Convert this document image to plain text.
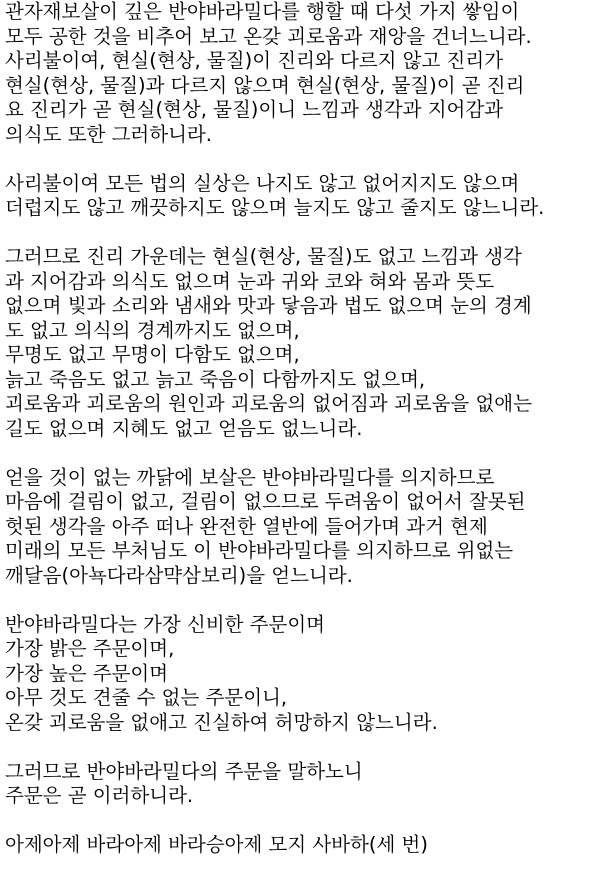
관자재보살이 깊은 반야바라밀다를 행할 때 다섯 가지 쌓임이
모두 공한 것을 비추어 보고 온갖 괴로움과 재앙을 건너느니라.
사리불이여, 현실(현상, 물질)이 진리와 다르지 않고 진리가
현실(현상, 물질)과 다르지 않으며 현실(현상, 물질)이 곧 진리
요 진리가 곧 현실(현상, 물질)이니 느낌과 생각과 지어감과
의식도 또한 그러하니라.
사리불이여 모든 법의 실상은 나지도 않고 없어지지도 않으며
더럽지도 않고 깨끗하지도 않으며 늘지도 않고 줄지도 않느니라.
그러므로 진리 가운데는 현실(현상, 물질)도 없고 느낌과 생각
과 지어감과 의식도 없으며 눈과 귀와 코와 혀와 몸과 뜻도
없으며 빛과 소리와 냄새와 맛과 닿음과 법도 없으며 눈의 경계
도 없고 의식의 경계까지도 없으며,
무명도 없고 무명이 다함도 없으며,
늙고 죽음도 없고 늙고 죽음이 다함까지도 없으며,
괴로움과 괴로움의 원인과 괴로움의 없어짐과 괴로움을 없애는
길도 없으며 지혜도 없고 얻음도 없느니라.
얻을 것이 없는 까닭에 보살은 반야바라밀다를 의지하므로
마음에 걸림이 없고, 걸림이 없으므로 두려움이 없어서 잘못된
헛된 생각을 아주 떠나 완전한 열반에 들어가며 과거 현제
미래의 모든 부처님도 이 반야바라밀다를 의지하므로 위없는
깨달음(아뇩다라삼먁삼보리)을 얻느니라.
반야바라밀다는 가장 신비한 주문이며
가장 밝은 주문이며,
가장 높은 주문이며
아무 것도 견줄 수 없는 주문이니,
온갖 괴로움을 없애고 진실하여 허망하지 않느니라.
그러므로 반야바라밀다의 주문을 말하노니
주문은 곧 이러하니라.
아제아제 바라아제 바라승아제 모지 사바하(세 번)
